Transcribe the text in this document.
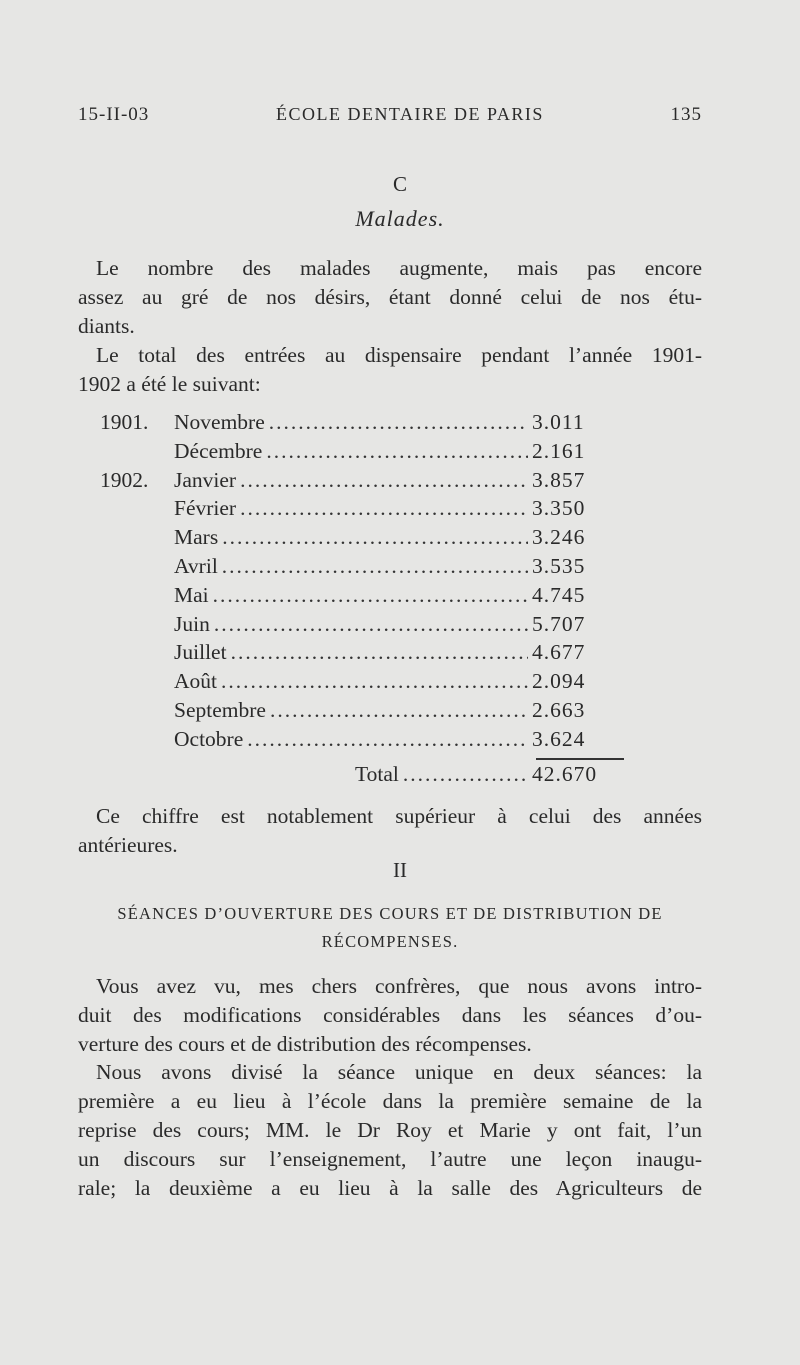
15-II-03	ÉCOLE DENTAIRE DE PARIS	135
C
Malades.

Le nombre des malades augmente, mais pas encore
assez au gré de nos désirs, étant donné celui de nos étu-
diants.

Le total des entrées au dispensaire pendant l’année 1901-
1902 a été le suivant:

1901.	Novembre .....	3.011
Décembre .....	2.161
1902.	Janvier .....	3.857
Février .....	3.350
Mars .....	3.246
Avril .....	3.535
Mai .....	4.745
Juin .....	5.707
Juillet .....	4.677
Août .....	2.094
Septembre .....	2.663
Octobre .....	3.624
Total .....	42.670

Ce chiffre est notablement supérieur à celui des années
antérieures.

II
SÉANCES D’OUVERTURE DES COURS ET DE DISTRIBUTION DE
RÉCOMPENSES.

Vous avez vu, mes chers confrères, que nous avons intro-
duit des modifications considérables dans les séances d’ou-
verture des cours et de distribution des récompenses.

Nous avons divisé la séance unique en deux séances: la
première a eu lieu à l’école dans la première semaine de la
reprise des cours; MM. le Dr Roy et Marie y ont fait, l’un
un discours sur l’enseignement, l’autre une leçon inaugu-
rale; la deuxième a eu lieu à la salle des Agriculteurs de
